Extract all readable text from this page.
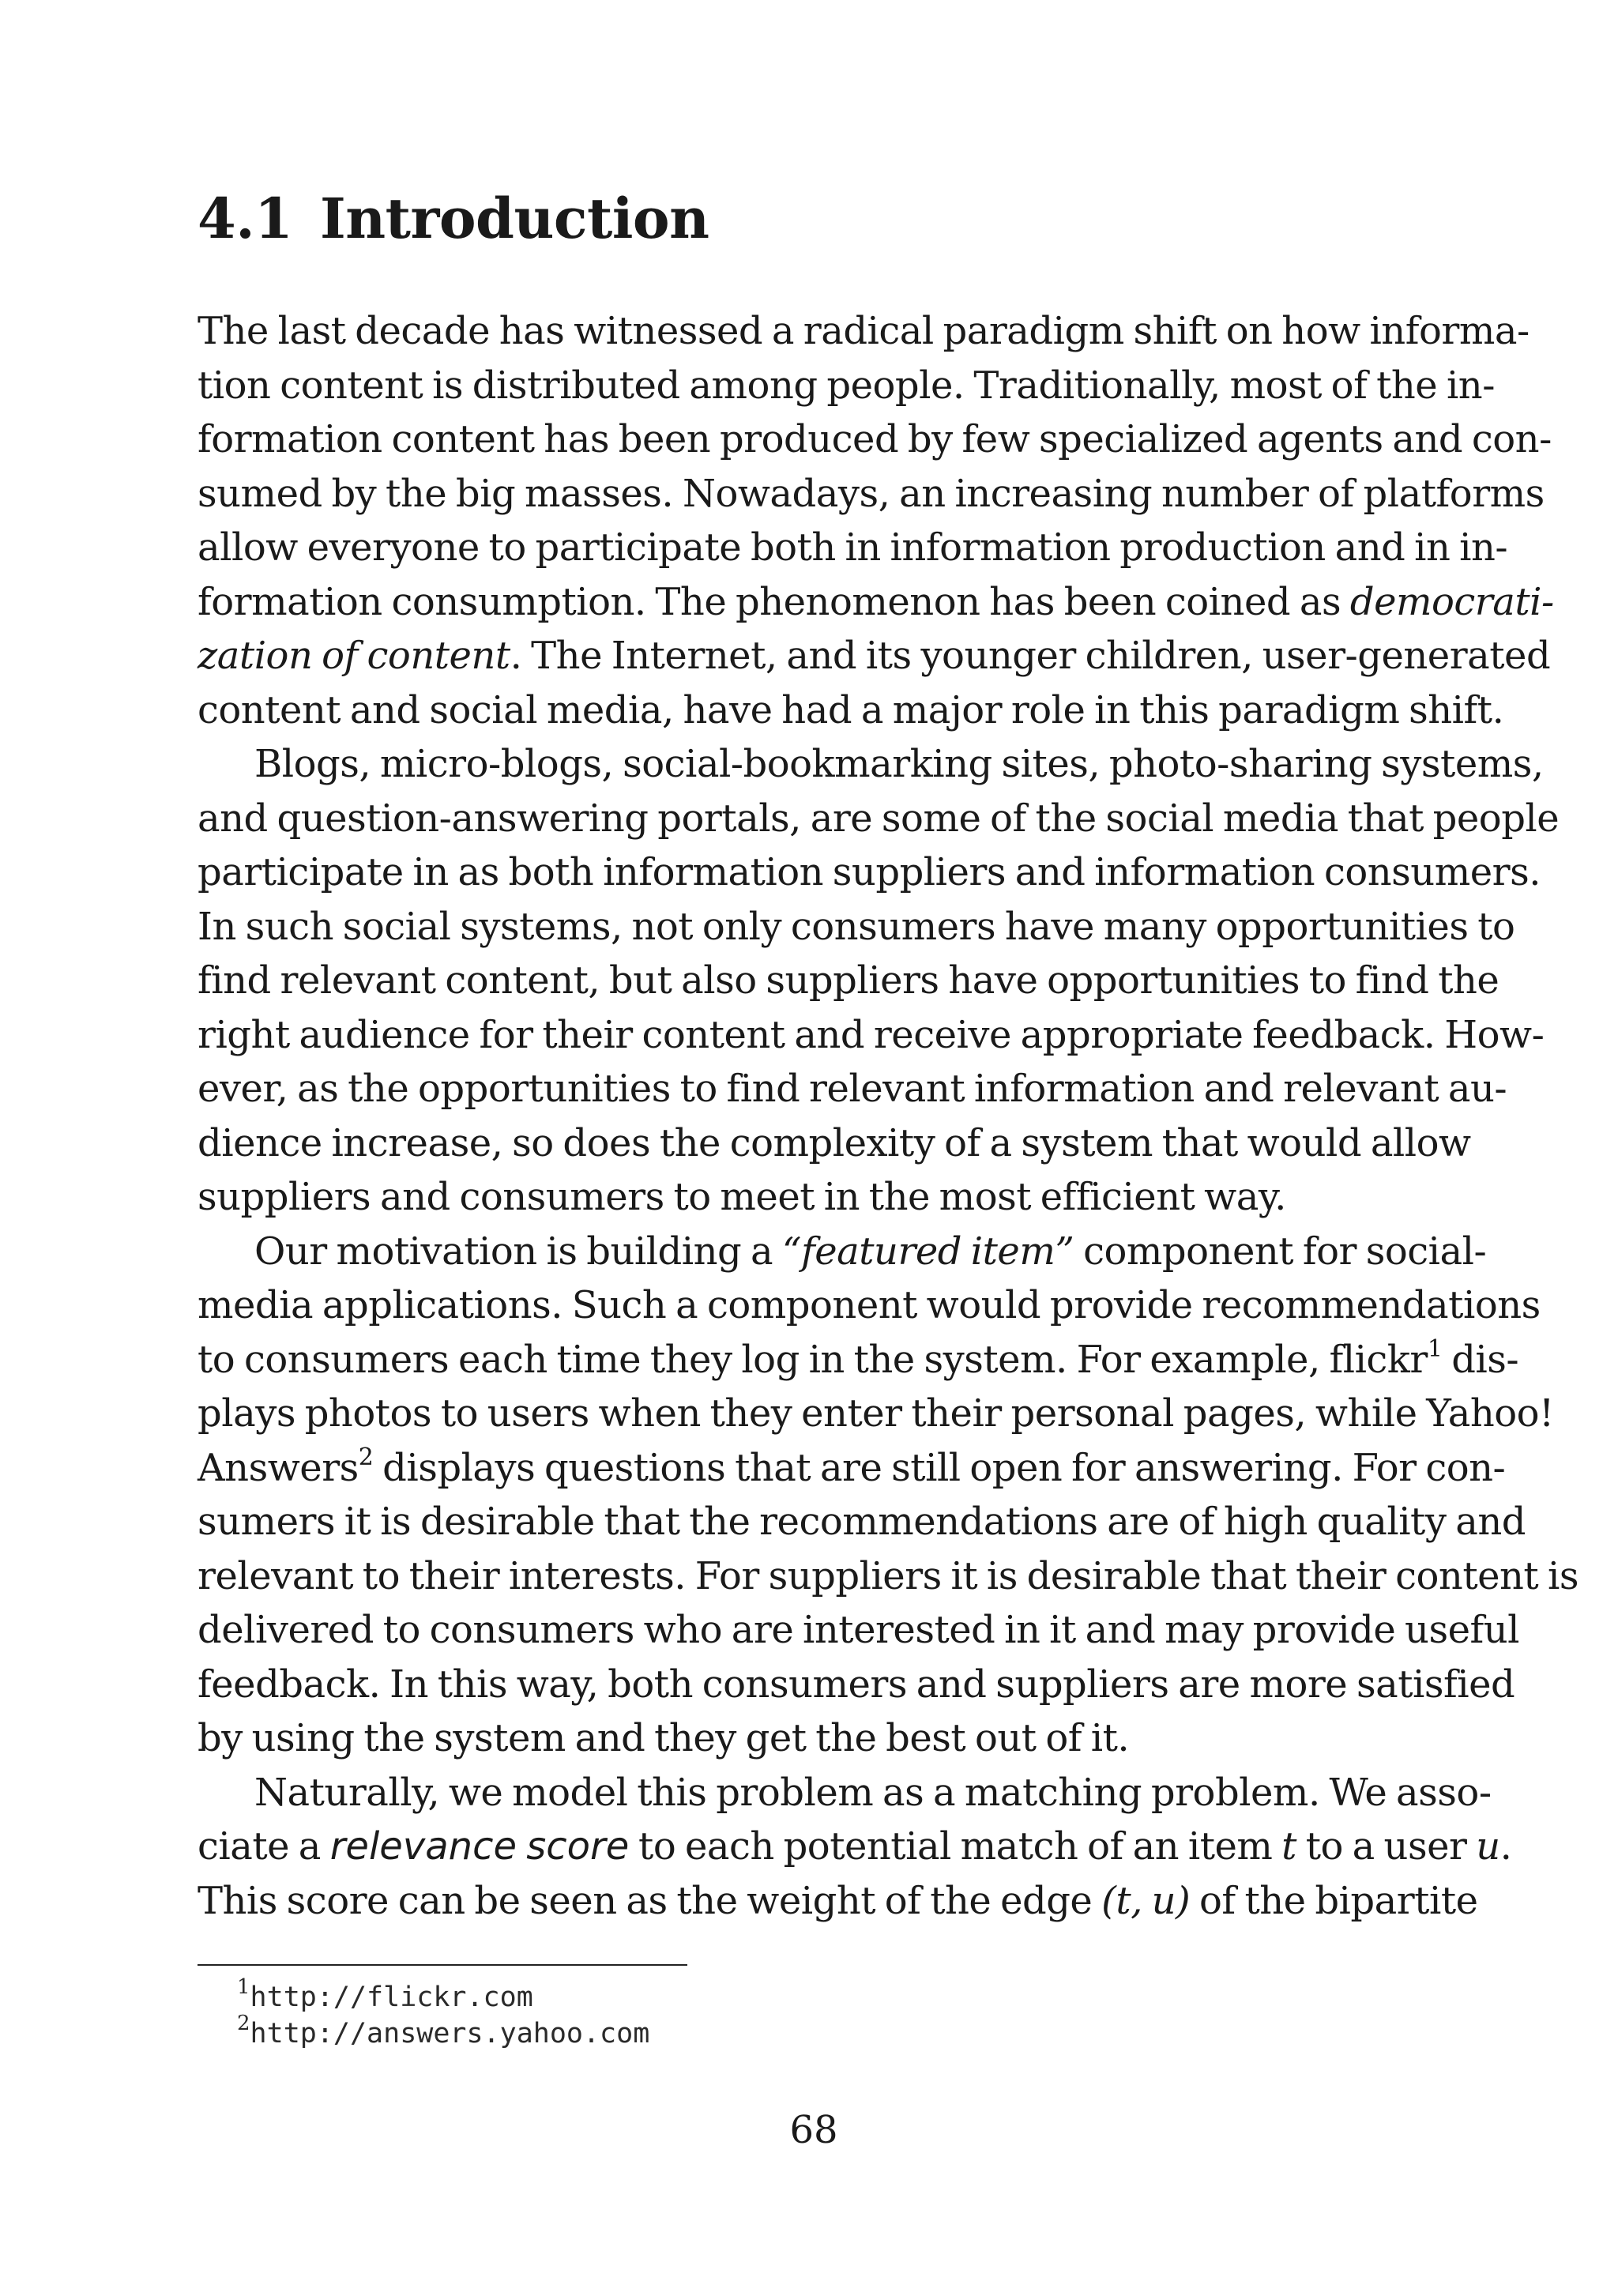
4.1 Introduction

The last decade has witnessed a radical paradigm shift on how informa-
tion content is distributed among people. Traditionally, most of the in-
formation content has been produced by few specialized agents and con-
sumed by the big masses. Nowadays, an increasing number of platforms
allow everyone to participate both in information production and in in-
formation consumption. The phenomenon has been coined as democrati-
zation of content. The Internet, and its younger children, user-generated
content and social media, have had a major role in this paradigm shift.

Blogs, micro-blogs, social-bookmarking sites, photo-sharing systems,
and question-answering portals, are some of the social media that people
participate in as both information suppliers and information consumers.
In such social systems, not only consumers have many opportunities to
find relevant content, but also suppliers have opportunities to find the
right audience for their content and receive appropriate feedback. How-
ever, as the opportunities to find relevant information and relevant au-
dience increase, so does the complexity of a system that would allow
suppliers and consumers to meet in the most efficient way.

Our motivation is building a “featured item” component for social-
media applications. Such a component would provide recommendations
to consumers each time they log in the system. For example, flickr$^1$ dis-
plays photos to users when they enter their personal pages, while Yahoo!
Answers$^2$ displays questions that are still open for answering. For con-
sumers it is desirable that the recommendations are of high quality and
relevant to their interests. For suppliers it is desirable that their content is
delivered to consumers who are interested in it and may provide useful
feedback. In this way, both consumers and suppliers are more satisfied
by using the system and they get the best out of it.

Naturally, we model this problem as a matching problem. We asso-
ciate a relevance score to each potential match of an item t to a user u.
This score can be seen as the weight of the edge (t, u) of the bipartite

$^1$http://flickr.com
$^2$http://answers.yahoo.com
68
